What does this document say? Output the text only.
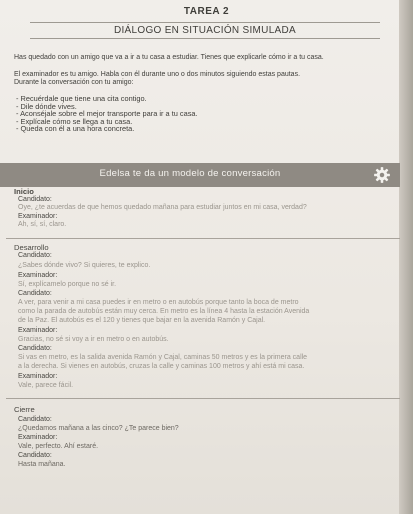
TAREA 2
DIÁLOGO EN SITUACIÓN SIMULADA
Has quedado con un amigo que va a ir a tu casa a estudiar. Tienes que explicarle cómo ir a tu casa.
El examinador es tu amigo. Habla con él durante uno o dos minutos siguiendo estas pautas.
Durante la conversación con tu amigo:
- Recuérdale que tiene una cita contigo.
- Dile dónde vives.
- Aconséjale sobre el mejor transporte para ir a tu casa.
- Explícale cómo se llega a tu casa.
- Queda con él a una hora concreta.
Edelsa te da un modelo de conversación
Inicio
Candidato:
Oye, ¿te acuerdas de que hemos quedado mañana para estudiar juntos en mi casa, verdad?
Examinador:
Ah, sí, sí, claro.
Desarrollo
Candidato:
¿Sabes dónde vivo? Si quieres, te explico.
Examinador:
Sí, explícamelo porque no sé ir.
Candidato:
A ver, para venir a mi casa puedes ir en metro o en autobús porque tanto la boca de metro
como la parada de autobús están muy cerca. En metro es la línea 4 hasta la estación Avenida
de la Paz. El autobús es el 120 y tienes que bajar en la avenida Ramón y Cajal.
Examinador:
Gracias, no sé si voy a ir en metro o en autobús.
Candidato:
Si vas en metro, es la salida avenida Ramón y Cajal, caminas 50 metros y es la primera calle
a la derecha. Si vienes en autobús, cruzas la calle y caminas 100 metros y ahí está mi casa.
Examinador:
Vale, parece fácil.
Cierre
Candidato:
¿Quedamos mañana a las cinco? ¿Te parece bien?
Examinador:
Vale, perfecto. Ahí estaré.
Candidato:
Hasta mañana.
